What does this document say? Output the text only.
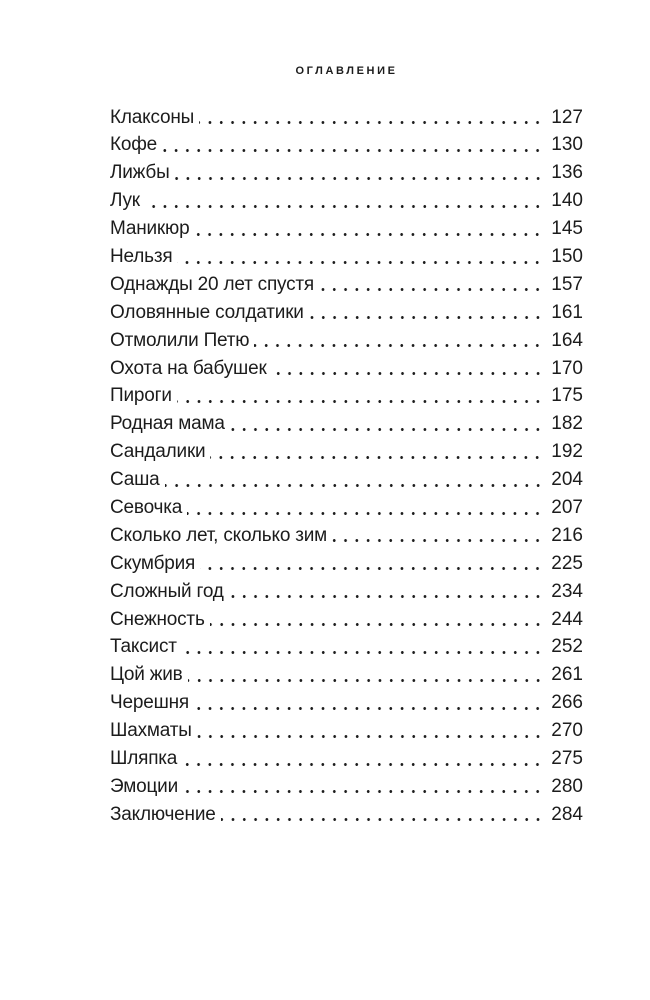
ОГЛАВЛЕНИЕ
Клаксоны	127
Кофе	130
Лижбы	136
Лук	140
Маникюр	145
Нельзя	150
Однажды 20 лет спустя	157
Оловянные солдатики	161
Отмолили Петю	164
Охота на бабушек	170
Пироги	175
Родная мама	182
Сандалики	192
Саша	204
Севочка	207
Сколько лет, сколько зим	216
Скумбрия	225
Сложный год	234
Снежность	244
Таксист	252
Цой жив	261
Черешня	266
Шахматы	270
Шляпка	275
Эмоции	280
Заключение	284
